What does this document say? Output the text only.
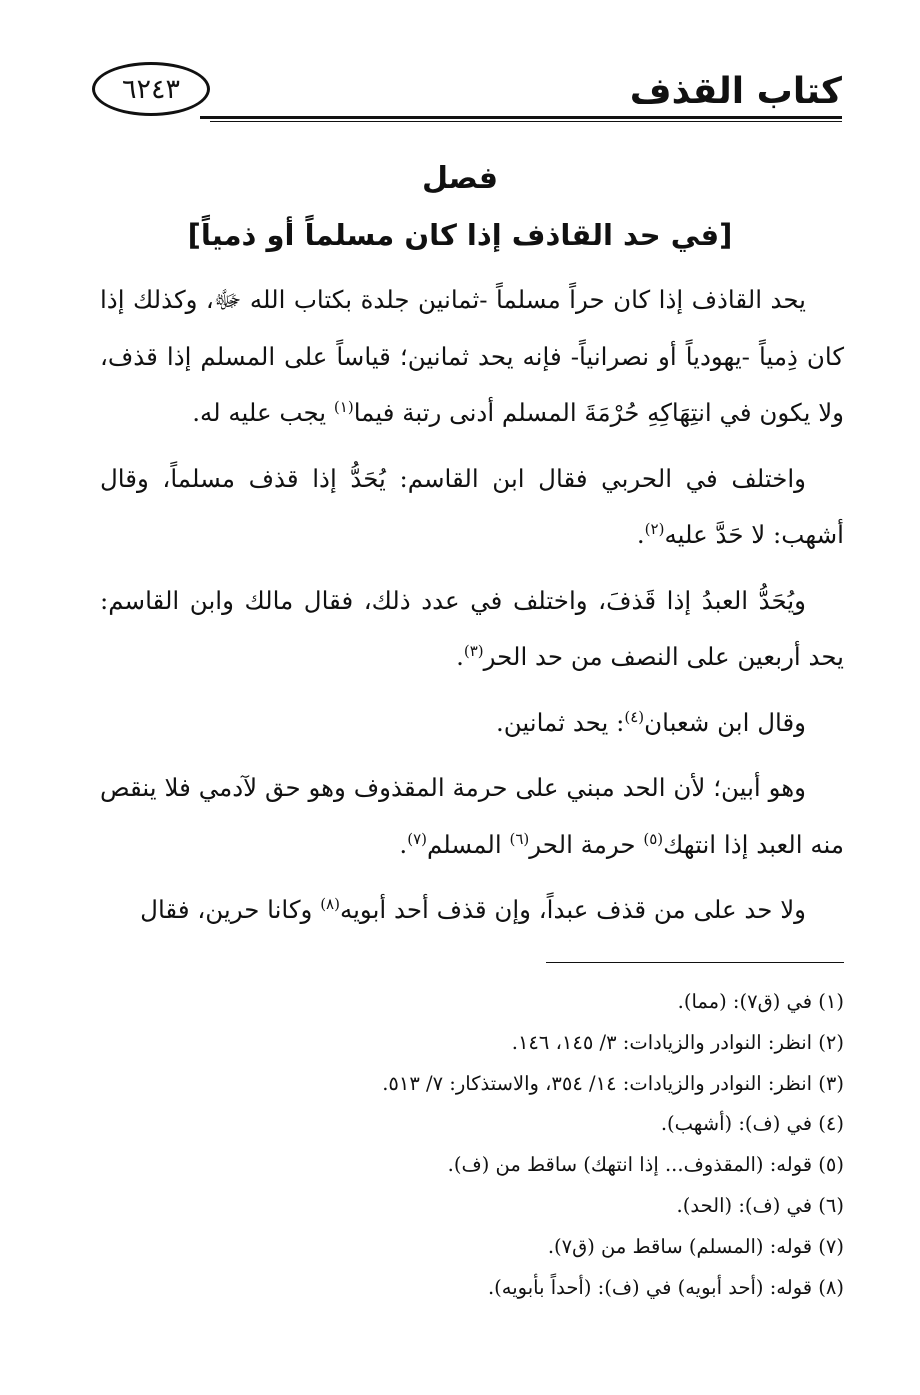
كتاب القذف
٦٢٤٣
فصل
[في حد القاذف إذا كان مسلماً أو ذمياً]

يحد القاذف إذا كان حراً مسلماً -ثمانين جلدة بكتاب الله ﷻ، وكذلك إذا كان ذِمياً -يهودياً أو نصرانياً- فإنه يحد ثمانين؛ قياساً على المسلم إذا قذف، ولا يكون في انتِهَاكِهِ حُرْمَةَ المسلم أدنى رتبة فيما$^{(١)}$ يجب عليه له.

واختلف في الحربي فقال ابن القاسم: يُحَدُّ إذا قذف مسلماً، وقال أشهب: لا حَدَّ عليه$^{(٢)}$.

ويُحَدُّ العبدُ إذا قَذفَ، واختلف في عدد ذلك، فقال مالك وابن القاسم: يحد أربعين على النصف من حد الحر$^{(٣)}$.

وقال ابن شعبان$^{(٤)}$: يحد ثمانين.

وهو أبين؛ لأن الحد مبني على حرمة المقذوف وهو حق لآدمي فلا ينقص منه العبد إذا انتهك$^{(٥)}$ حرمة الحر$^{(٦)}$ المسلم$^{(٧)}$.

ولا حد على من قذف عبداً، وإن قذف أحد أبويه$^{(٨)}$ وكانا حرين، فقال

(١) في (ق٧): (مما).
(٢) انظر: النوادر والزيادات: ٣/ ١٤٥، ١٤٦.
(٣) انظر: النوادر والزيادات: ١٤/ ٣٥٤، والاستذكار: ٧/ ٥١٣.
(٤) في (ف): (أشهب).
(٥) قوله: (المقذوف... إذا انتهك) ساقط من (ف).
(٦) في (ف): (الحد).
(٧) قوله: (المسلم) ساقط من (ق٧).
(٨) قوله: (أحد أبويه) في (ف): (أحداً بأبويه).
